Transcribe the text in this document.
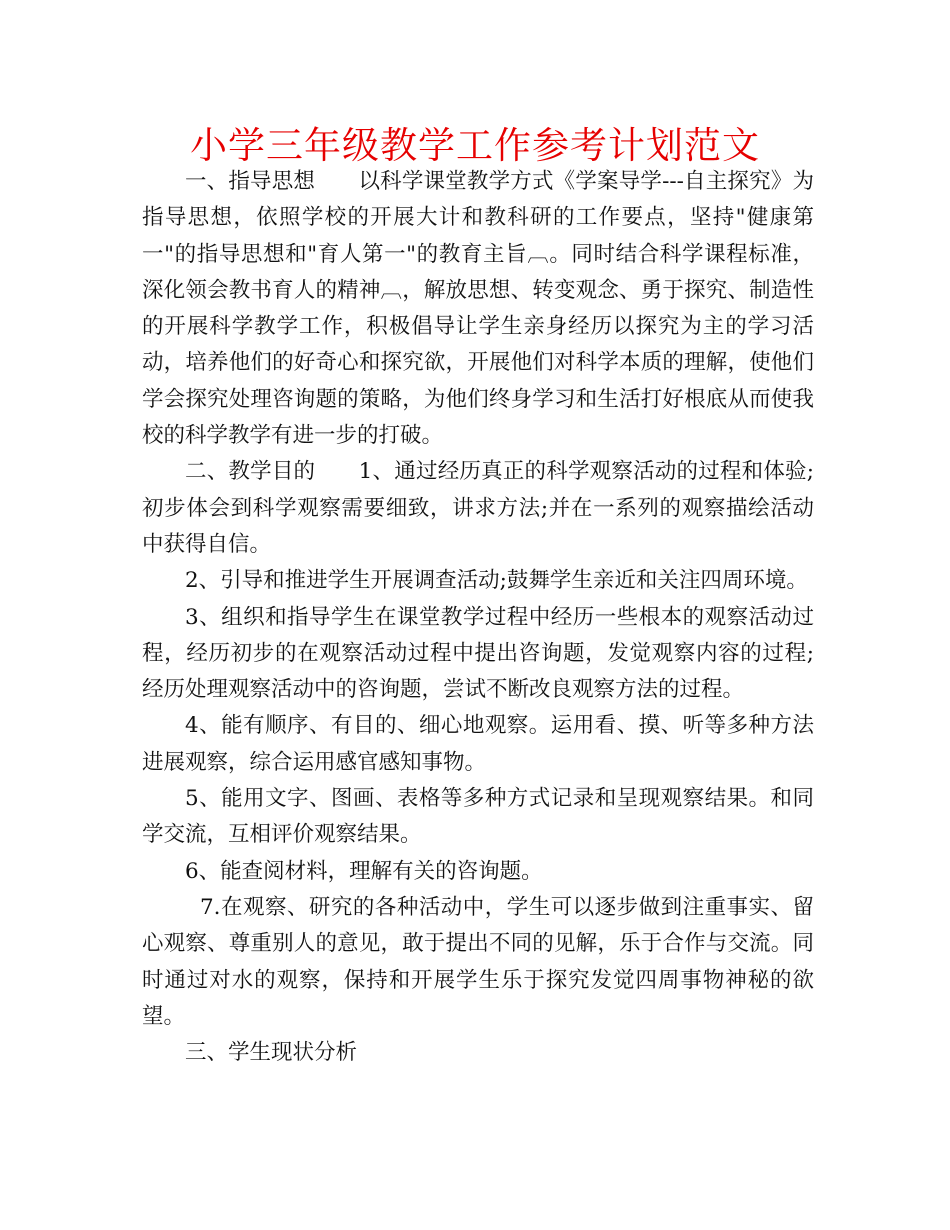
小学三年级教学工作参考计划范文

一、指导思想　　以科学课堂教学方式《学案导学---自主探究》为指导思想，依照学校的开展大计和教科研的工作要点，坚持"健康第一"的指导思想和"育人第一"的教育主旨︹。同时结合科学课程标准，深化领会教书育人的精神︹，解放思想、转变观念、勇于探究、制造性的开展科学教学工作，积极倡导让学生亲身经历以探究为主的学习活动，培养他们的好奇心和探究欲，开展他们对科学本质的理解，使他们学会探究处理咨询题的策略，为他们终身学习和生活打好根底从而使我校的科学教学有进一步的打破。

二、教学目的　　1、通过经历真正的科学观察活动的过程和体验;初步体会到科学观察需要细致，讲求方法;并在一系列的观察描绘活动中获得自信。

2、引导和推进学生开展调查活动;鼓舞学生亲近和关注四周环境。

3、组织和指导学生在课堂教学过程中经历一些根本的观察活动过程，经历初步的在观察活动过程中提出咨询题，发觉观察内容的过程;经历处理观察活动中的咨询题，尝试不断改良观察方法的过程。

4、能有顺序、有目的、细心地观察。运用看、摸、听等多种方法进展观察，综合运用感官感知事物。

5、能用文字、图画、表格等多种方式记录和呈现观察结果。和同学交流，互相评价观察结果。

6、能查阅材料，理解有关的咨询题。

7.在观察、研究的各种活动中，学生可以逐步做到注重事实、留心观察、尊重别人的意见，敢于提出不同的见解，乐于合作与交流。同时通过对水的观察，保持和开展学生乐于探究发觉四周事物神秘的欲望。

三、学生现状分析
